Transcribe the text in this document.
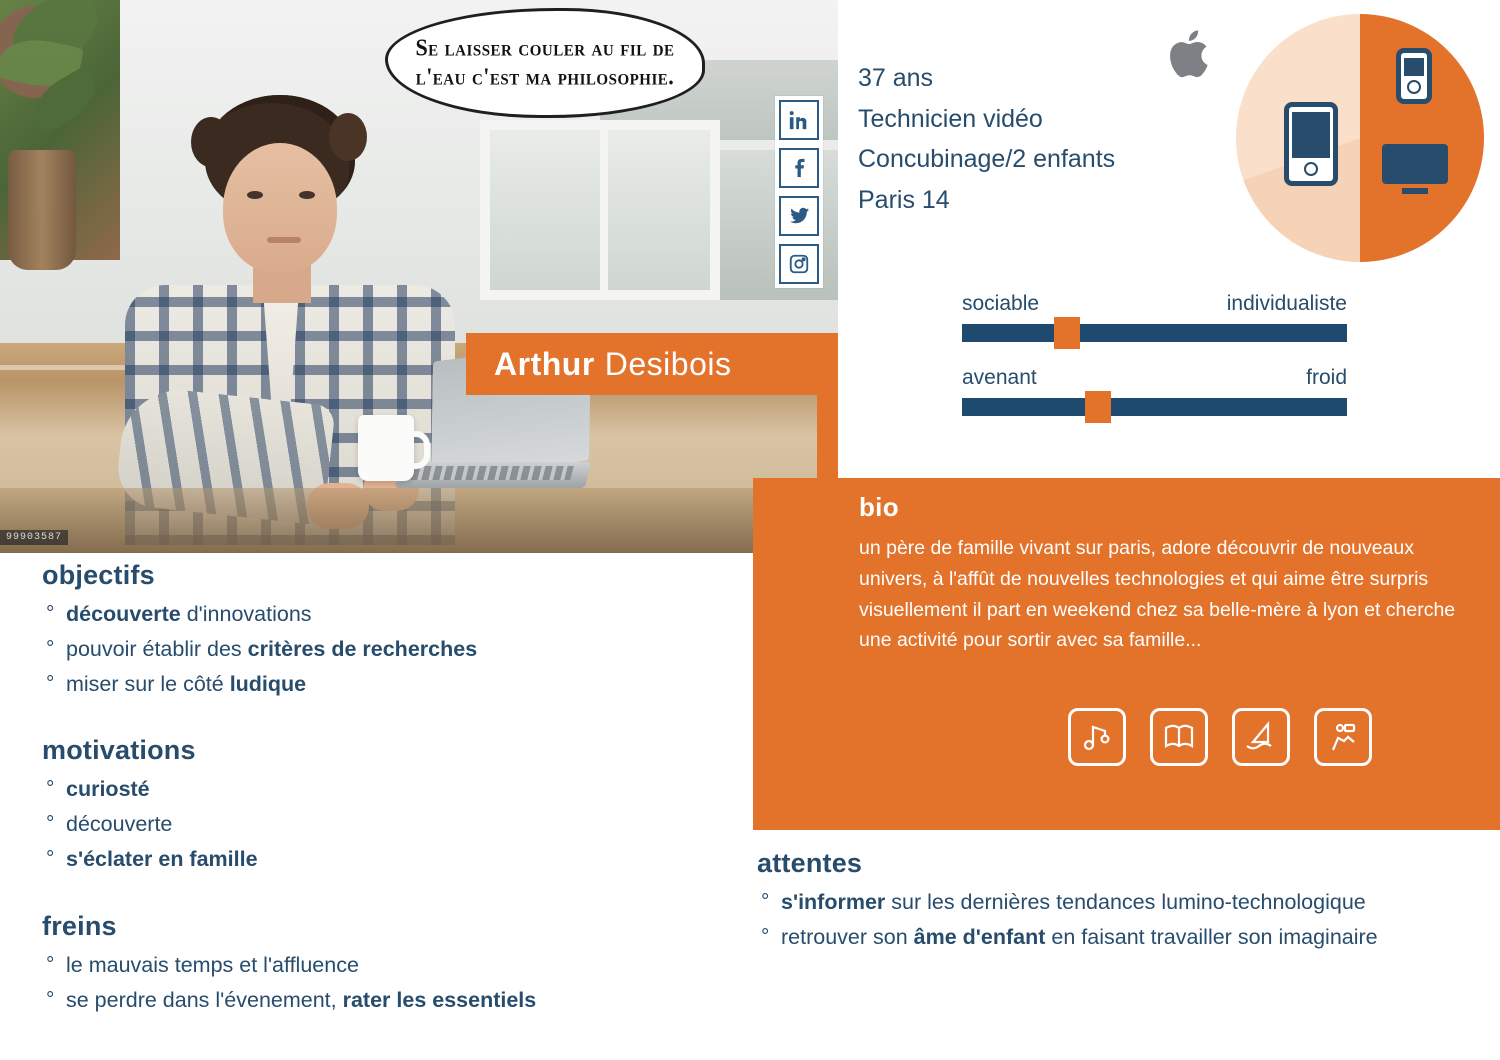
99903587
Se laisser couler au fil de l'eau c'est ma philosophie.
Arthur Desibois
37 ans
Technicien vidéo
Concubinage/2 enfants
Paris 14
sociable	individualiste
avenant	froid
bio
un père de famille vivant sur paris, adore découvrir de nouveaux univers, à l'affût de nouvelles technologies et qui aime être surpris visuellement il part en weekend chez sa belle-mère à lyon et cherche une activité pour sortir avec sa famille...
objectifs
° découverte d'innovations
° pouvoir établir des critères de recherches
° miser sur le côté ludique
motivations
° curiosté
° découverte
° s'éclater en famille
freins
° le mauvais temps et l'affluence
° se perdre dans l'évenement, rater les essentiels
attentes
° s'informer sur les dernières tendances lumino-technologique
° retrouver son âme d'enfant en faisant travailler son imaginaire
